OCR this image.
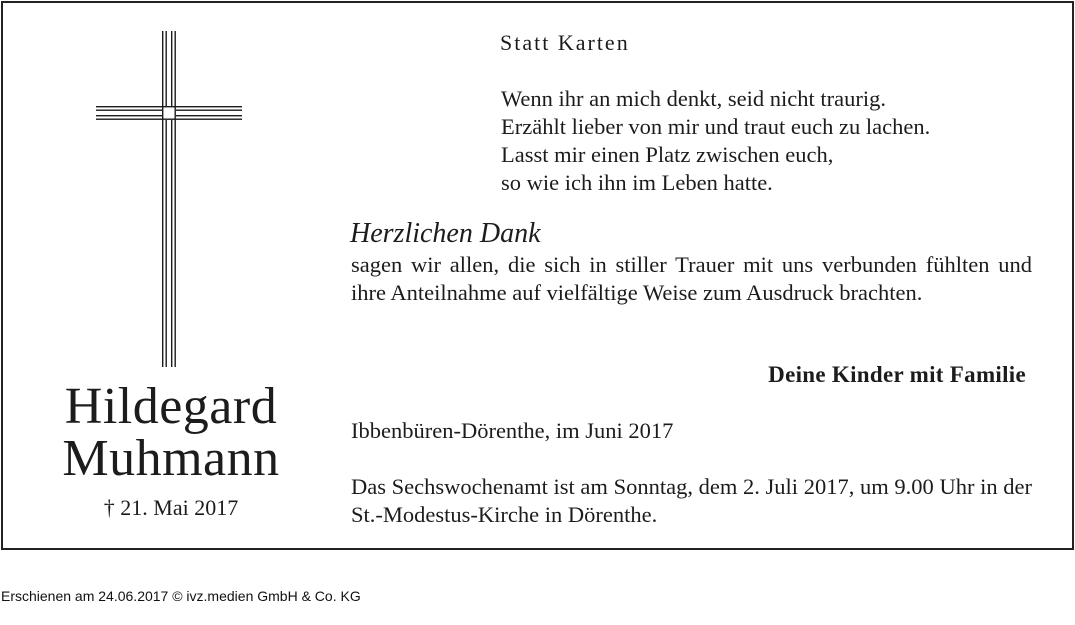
Hildegard
Muhmann
† 21. Mai 2017
Statt Karten
Wenn ihr an mich denkt, seid nicht traurig.
Erzählt lieber von mir und traut euch zu lachen.
Lasst mir einen Platz zwischen euch,
so wie ich ihn im Leben hatte.
Herzlichen Dank
sagen wir allen, die sich in stiller Trauer mit uns verbunden fühlten und ihre Anteilnahme auf vielfältige Weise zum Ausdruck brachten.
Deine Kinder mit Familie
Ibbenbüren-Dörenthe, im Juni 2017
Das Sechswochenamt ist am Sonntag, dem 2. Juli 2017, um 9.00 Uhr in der St.-Modestus-Kirche in Dörenthe.
Erschienen am 24.06.2017 © ivz.medien GmbH & Co. KG
